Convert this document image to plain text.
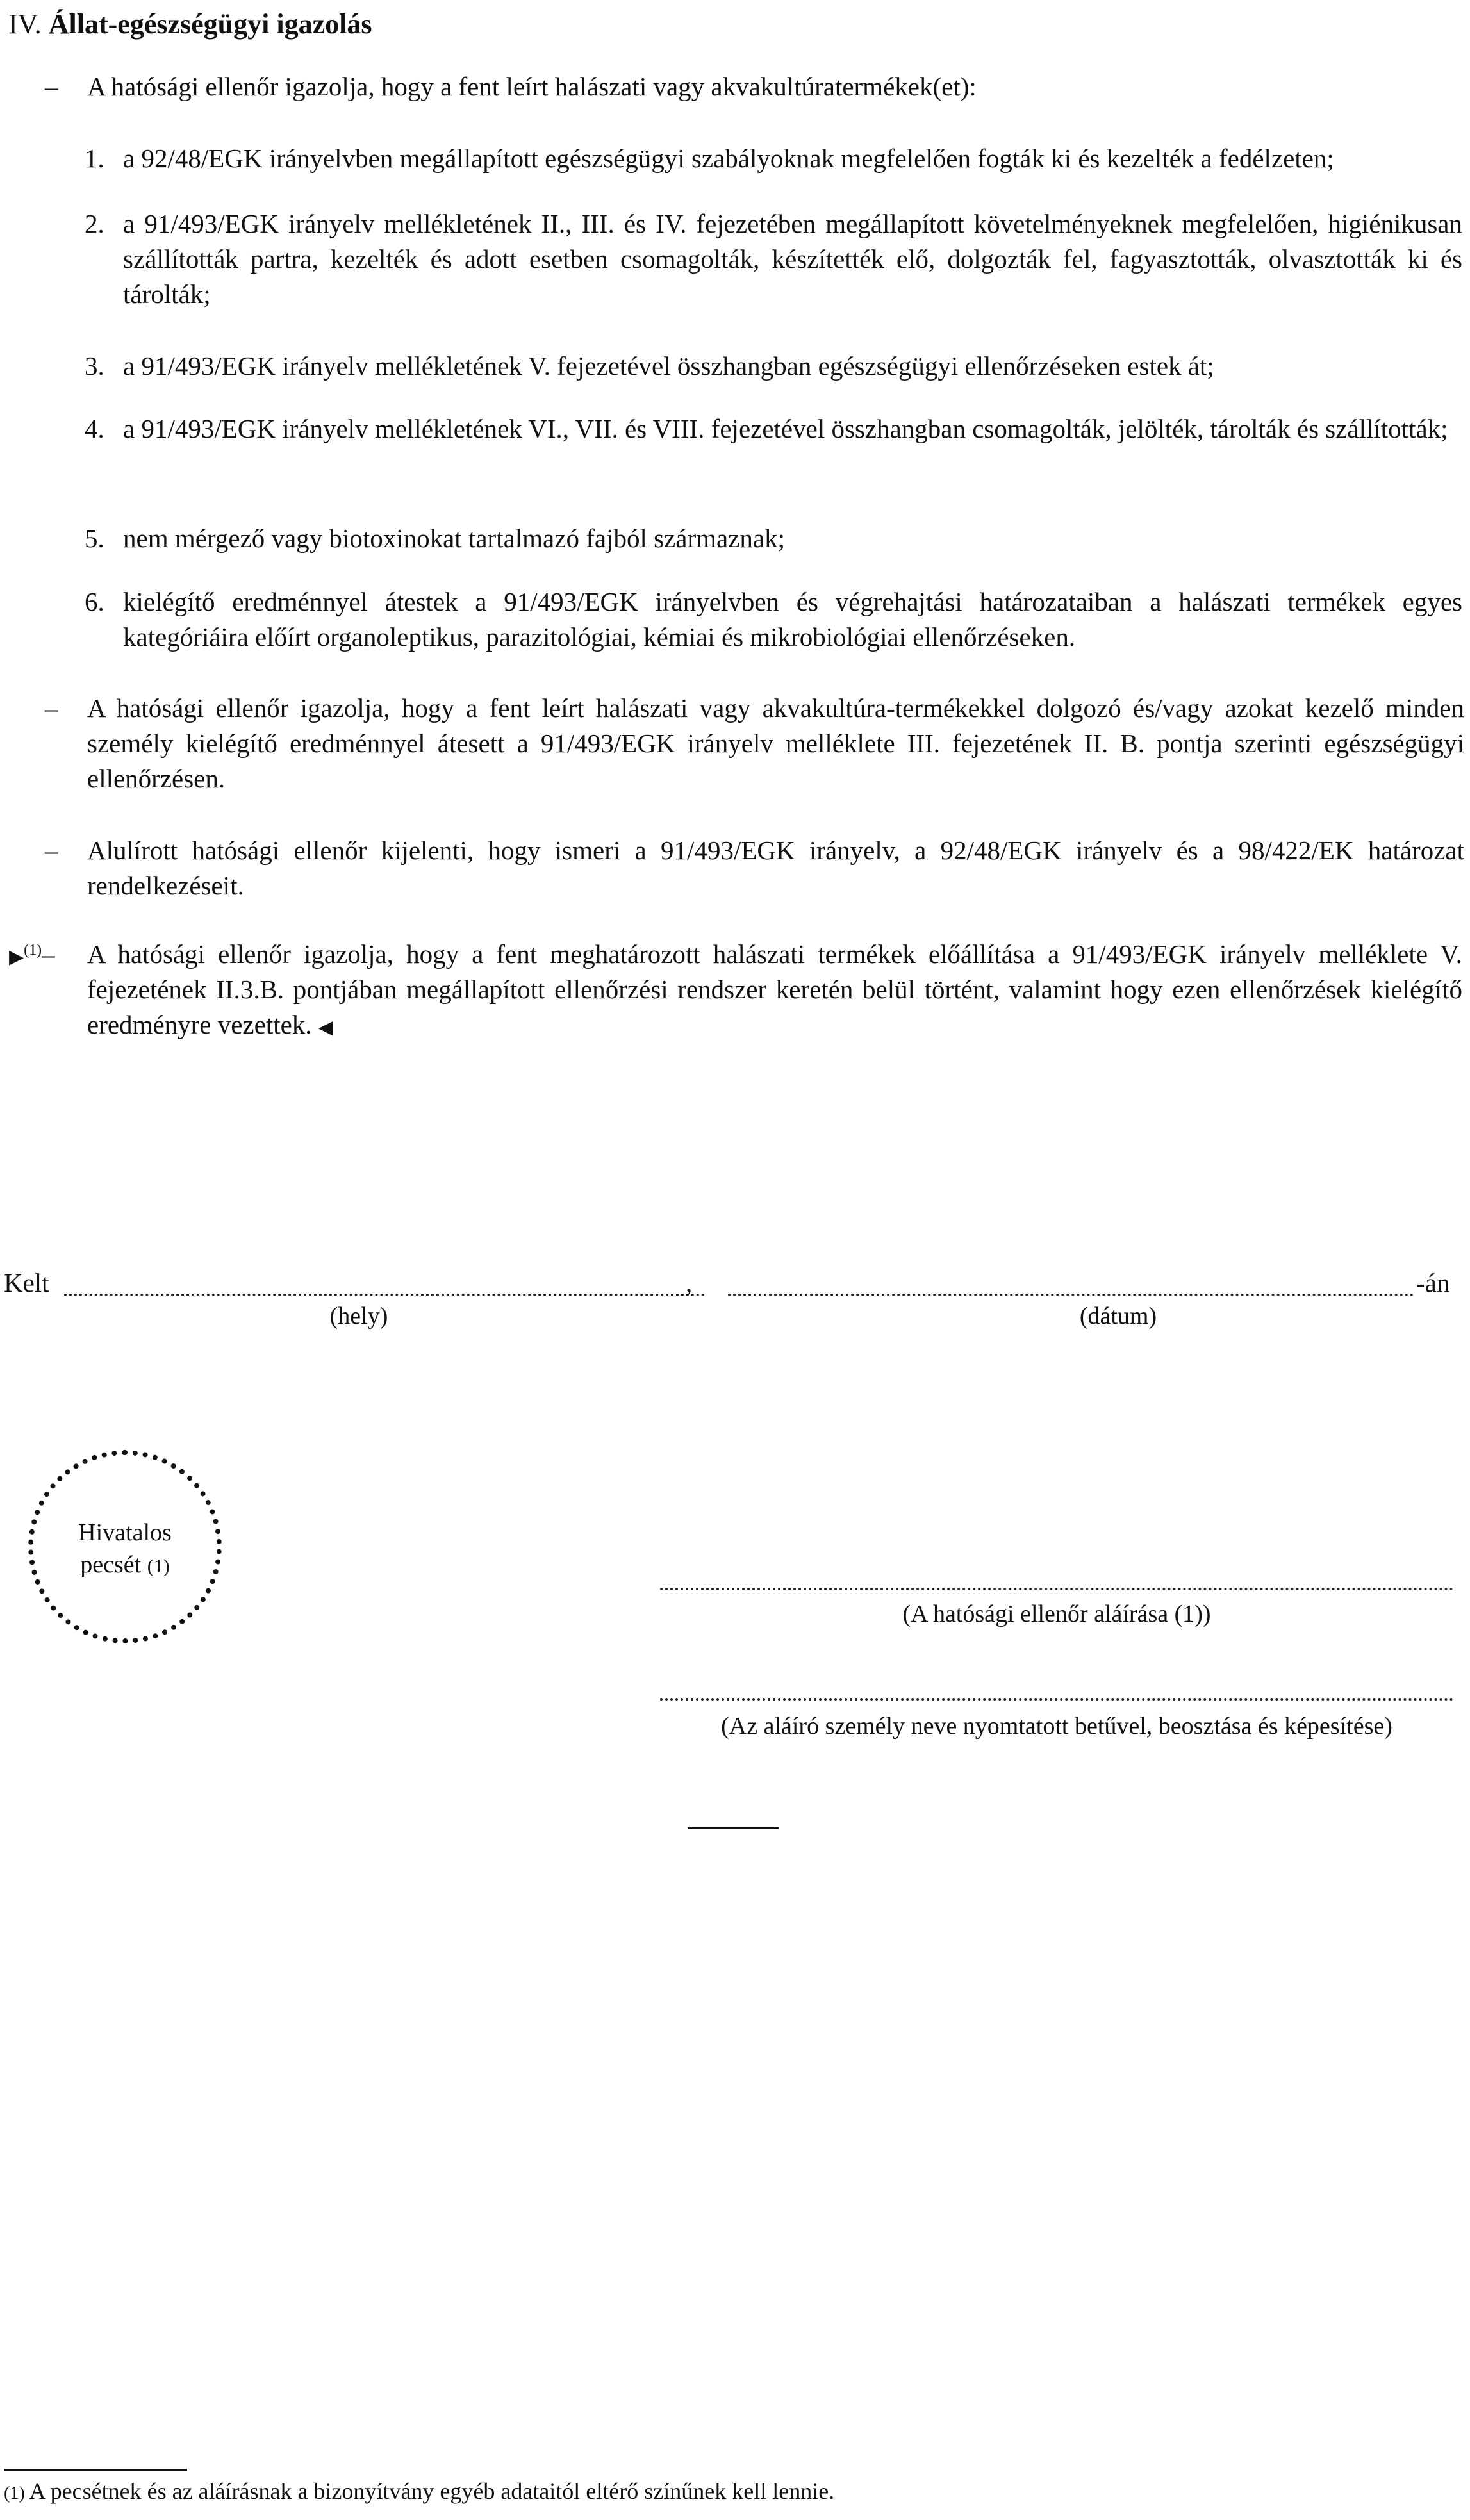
IV. Állat-egészségügyi igazolás
– A hatósági ellenőr igazolja, hogy a fent leírt halászati vagy akvakultúratermékek(et):
1. a 92/48/EGK irányelvben megállapított egészségügyi szabályoknak megfelelően fogták ki és kezelték a fedélzeten;
2. a 91/493/EGK irányelv mellékletének II., III. és IV. fejezetében megállapított követelményeknek megfelelően, higiénikusan szállították partra, kezelték és adott esetben csomagolták, készítették elő, dolgozták fel, fagyasztották, olvasztották ki és tárolták;
3. a 91/493/EGK irányelv mellékletének V. fejezetével összhangban egészségügyi ellenőrzéseken estek át;
4. a 91/493/EGK irányelv mellékletének VI., VII. és VIII. fejezetével összhangban csomagolták, jelölték, tárolták és szállították;
5. nem mérgező vagy biotoxinokat tartalmazó fajból származnak;
6. kielégítő eredménnyel átestek a 91/493/EGK irányelvben és végrehajtási határozataiban a halászati termékek egyes kategóriáira előírt organoleptikus, parazitológiai, kémiai és mikrobiológiai ellenőrzéseken.
– A hatósági ellenőr igazolja, hogy a fent leírt halászati vagy akvakultúra-termékekkel dolgozó és/vagy azokat kezelő minden személy kielégítő eredménnyel átesett a 91/493/EGK irányelv melléklete III. fejezetének II. B. pontja szerinti egészségügyi ellenőrzésen.
– Alulírott hatósági ellenőr kijelenti, hogy ismeri a 91/493/EGK irányelv, a 92/48/EGK irányelv és a 98/422/EK határozat rendelkezéseit.
▶$^{(1)}$– A hatósági ellenőr igazolja, hogy a fent meghatározott halászati termékek előállítása a 91/493/EGK irányelv melléklete V. fejezetének II.3.B. pontjában megállapított ellenőrzési rendszer keretén belül történt, valamint hogy ezen ellenőrzések kielégítő eredményre vezettek. ◀
Kelt	,	-án
(hely)	(dátum)
Hivatalos
pecsét (1)
(A hatósági ellenőr aláírása (1))
(Az aláíró személy neve nyomtatott betűvel, beosztása és képesítése)
(1) A pecsétnek és az aláírásnak a bizonyítvány egyéb adataitól eltérő színűnek kell lennie.
